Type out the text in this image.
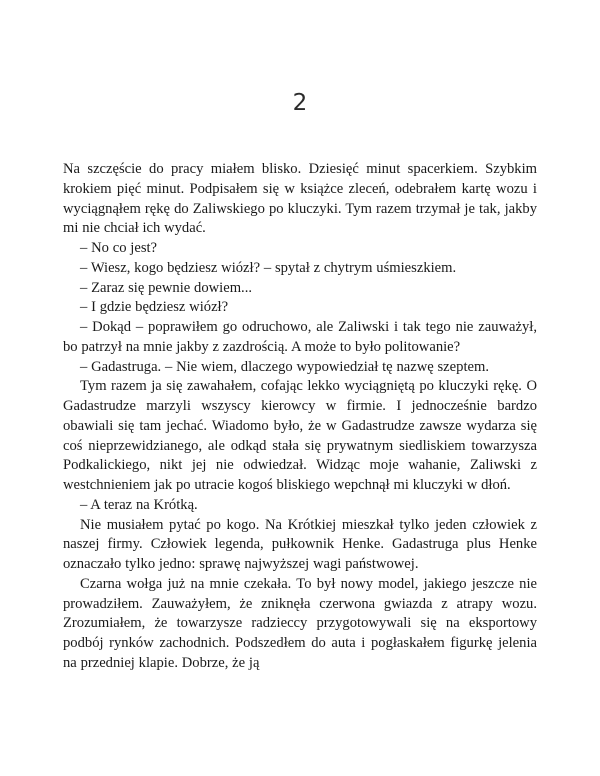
2

Na szczęście do pracy miałem blisko. Dziesięć minut spacerkiem. Szybkim krokiem pięć minut. Podpisałem się w książce zleceń, odebrałem kartę wozu i wyciągnąłem rękę do Zaliwskiego po kluczyki. Tym razem trzymał je tak, jakby mi nie chciał ich wydać.

– No co jest?

– Wiesz, kogo będziesz wiózł? – spytał z chytrym uśmieszkiem.

– Zaraz się pewnie dowiem...

– I gdzie będziesz wiózł?

– Dokąd – poprawiłem go odruchowo, ale Zaliwski i tak tego nie zauważył, bo patrzył na mnie jakby z zazdrością. A może to było politowanie?

– Gadastruga. – Nie wiem, dlaczego wypowiedział tę nazwę szeptem.

Tym razem ja się zawahałem, cofając lekko wyciągniętą po kluczyki rękę. O Gadastrudze marzyli wszyscy kierowcy w firmie. I jednocześnie bardzo obawiali się tam jechać. Wiadomo było, że w Gadastrudze zawsze wydarza się coś nieprzewidzianego, ale odkąd stała się prywatnym siedliskiem towarzysza Podkalickiego, nikt jej nie odwiedzał. Widząc moje wahanie, Zaliwski z westchnieniem jak po utracie kogoś bliskiego wepchnął mi kluczyki w dłoń.

– A teraz na Krótką.

Nie musiałem pytać po kogo. Na Krótkiej mieszkał tylko jeden człowiek z naszej firmy. Człowiek legenda, pułkownik Henke. Gadastruga plus Henke oznaczało tylko jedno: sprawę najwyższej wagi państwowej.

Czarna wołga już na mnie czekała. To był nowy model, jakiego jeszcze nie prowadziłem. Zauważyłem, że zniknęła czerwona gwiazda z atrapy wozu. Zrozumiałem, że towarzysze radzieccy przygotowywali się na eksportowy podbój rynków zachodnich. Podszedłem do auta i pogłaskałem figurkę jelenia na przedniej klapie. Dobrze, że ją
